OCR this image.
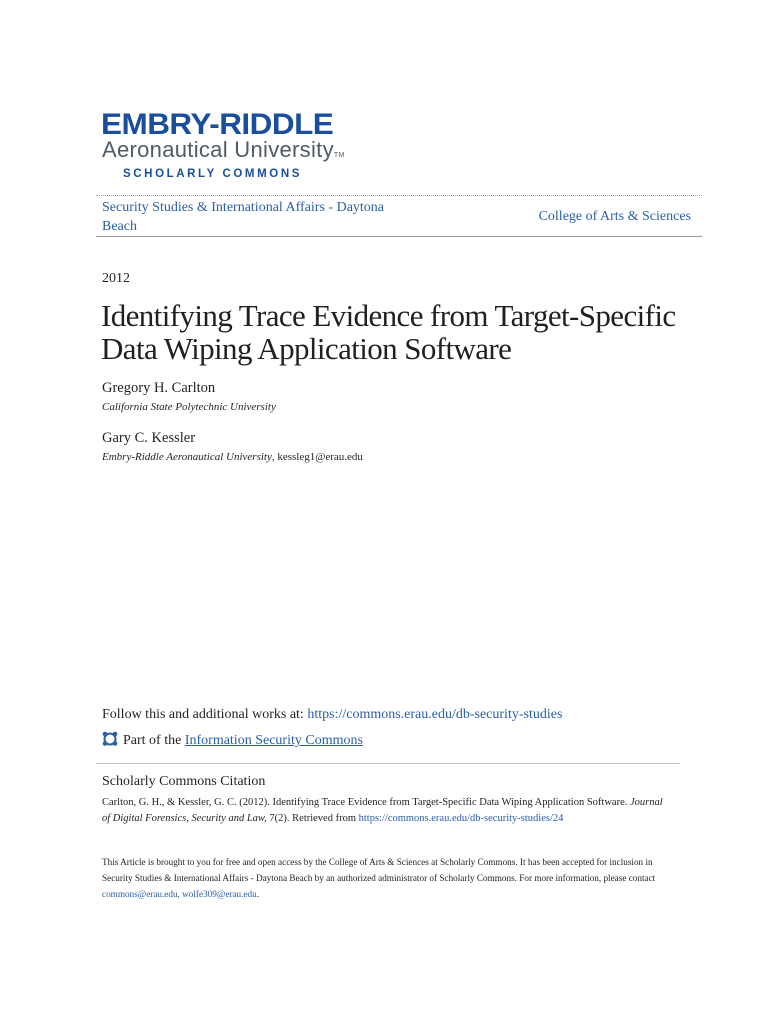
EMBRY-RIDDLE
Aeronautical UniversityTM
SCHOLARLY COMMONS
Security Studies & International Affairs - Daytona Beach
College of Arts & Sciences
2012
Identifying Trace Evidence from Target-Specific Data Wiping Application Software
Gregory H. Carlton
California State Polytechnic University
Gary C. Kessler
Embry-Riddle Aeronautical University, kessleg1@erau.edu
Follow this and additional works at: https://commons.erau.edu/db-security-studies
Part of the Information Security Commons
Scholarly Commons Citation
Carlton, G. H., & Kessler, G. C. (2012). Identifying Trace Evidence from Target-Specific Data Wiping Application Software. Journal of Digital Forensics, Security and Law, 7(2). Retrieved from https://commons.erau.edu/db-security-studies/24
This Article is brought to you for free and open access by the College of Arts & Sciences at Scholarly Commons. It has been accepted for inclusion in Security Studies & International Affairs - Daytona Beach by an authorized administrator of Scholarly Commons. For more information, please contact commons@erau.edu, wolfe309@erau.edu.
